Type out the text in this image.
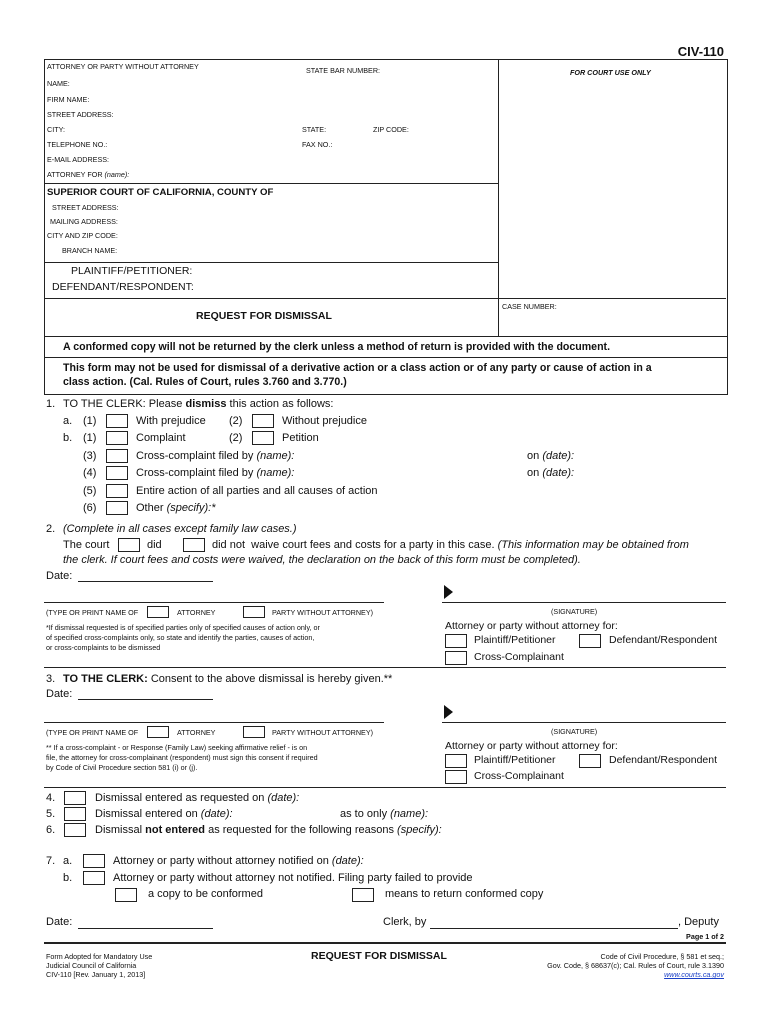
CIV-110
FOR COURT USE ONLY
ATTORNEY OR PARTY WITHOUT ATTORNEY	STATE BAR NUMBER:
NAME:
FIRM NAME:
STREET ADDRESS:
CITY:	STATE:	ZIP CODE:
TELEPHONE NO.:	FAX NO.:
E-MAIL ADDRESS:
ATTORNEY FOR (name):
SUPERIOR COURT OF CALIFORNIA, COUNTY OF
STREET ADDRESS:
MAILING ADDRESS:
CITY AND ZIP CODE:
BRANCH NAME:
PLAINTIFF/PETITIONER:
DEFENDANT/RESPONDENT:
CASE NUMBER:
REQUEST FOR DISMISSAL
A conformed copy will not be returned by the clerk unless a method of return is provided with the document.
This form may not be used for dismissal of a derivative action or a class action or of any party or cause of action in a
class action. (Cal. Rules of Court, rules 3.760 and 3.770.)
1. TO THE CLERK: Please dismiss this action as follows:
a. (1)	With prejudice (2)	Without prejudice
b. (1)	Complaint	(2)	Petition
(3)	Cross-complaint filed by (name):	on (date):
(4)	Cross-complaint filed by (name):	on (date):
(5)	Entire action of all parties and all causes of action
(6)	Other (specify):*
2. (Complete in all cases except family law cases.)
The court	did	did not waive court fees and costs for a party in this case. (This information may be obtained from
the clerk. If court fees and costs were waived, the declaration on the back of this form must be completed).
Date:
(TYPE OR PRINT NAME OF	ATTORNEY	PARTY WITHOUT ATTORNEY)	(SIGNATURE)
*If dismissal requested is of specified parties only of specified causes of action only, or
of specified cross-complaints only, so state and identify the parties, causes of action,
or cross-complaints to be dismissed
Attorney or party without attorney for:
Plaintiff/Petitioner	Defendant/Respondent
Cross-Complainant
3. TO THE CLERK: Consent to the above dismissal is hereby given.**
Date:
(TYPE OR PRINT NAME OF	ATTORNEY	PARTY WITHOUT ATTORNEY)	(SIGNATURE)
** If a cross-complaint - or Response (Family Law) seeking affirmative relief - is on
file, the attorney for cross-complainant (respondent) must sign this consent if required
by Code of Civil Procedure section 581 (i) or (j).
Attorney or party without attorney for:
Plaintiff/Petitioner	Defendant/Respondent
Cross-Complainant
4.	Dismissal entered as requested on (date):
5.	Dismissal entered on (date):	as to only (name):
6.	Dismissal not entered as requested for the following reasons (specify):
7. a.	Attorney or party without attorney notified on (date):
b.	Attorney or party without attorney not notified. Filing party failed to provide
a copy to be conformed	means to return conformed copy
Date:	Clerk, by	, Deputy
Page 1 of 2
Form Adopted for Mandatory Use
Judicial Council of California
CIV-110 [Rev. January 1, 2013]
REQUEST FOR DISMISSAL	Code of Civil Procedure, § 581 et seq.;
Gov. Code, § 68637(c); Cal. Rules of Court, rule 3.1390
www.courts.ca.gov
